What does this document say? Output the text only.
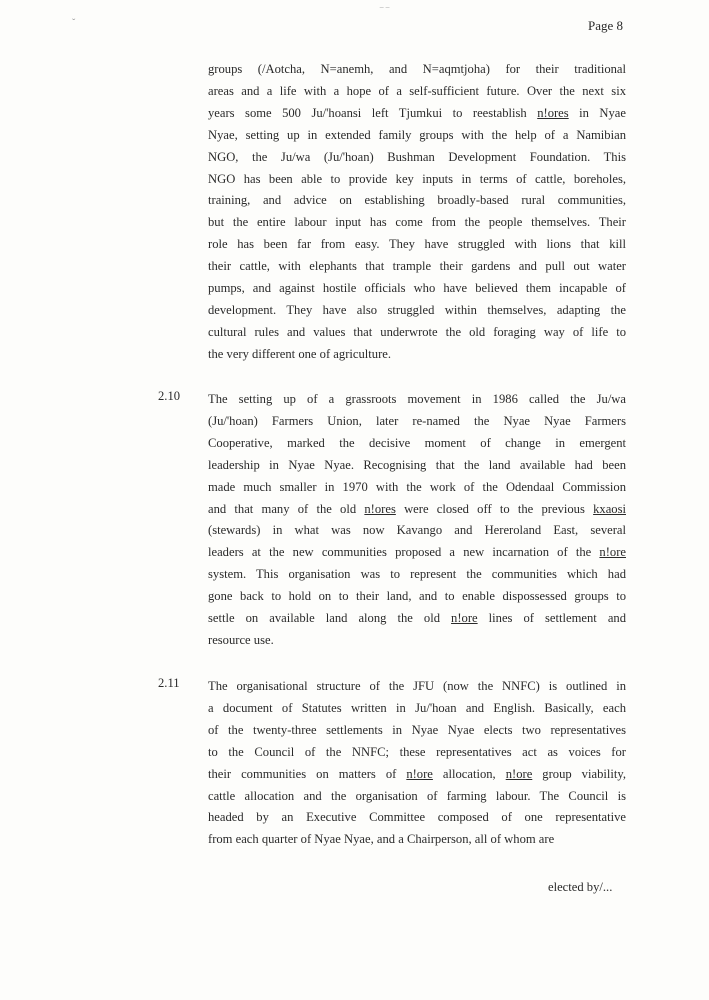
Page 8
ˇ
‾ ‾
groups (/Aotcha, N=anemh, and N=aqmtjoha) for their traditional
areas and a life with a hope of a self-sufficient future. Over the next six
years some 500 Ju/'hoansi left Tjumkui to reestablish n!ores in Nyae
Nyae, setting up in extended family groups with the help of a Namibian
NGO, the Ju/wa (Ju/'hoan) Bushman Development Foundation. This
NGO has been able to provide key inputs in terms of cattle, boreholes,
training, and advice on establishing broadly-based rural communities,
but the entire labour input has come from the people themselves. Their
role has been far from easy. They have struggled with lions that kill
their cattle, with elephants that trample their gardens and pull out water
pumps, and against hostile officials who have believed them incapable of
development. They have also struggled within themselves, adapting the
cultural rules and values that underwrote the old foraging way of life to
the very different one of agriculture.
2.10 The setting up of a grassroots movement in 1986 called the Ju/wa
(Ju/'hoan) Farmers Union, later re-named the Nyae Nyae Farmers
Cooperative, marked the decisive moment of change in emergent
leadership in Nyae Nyae. Recognising that the land available had been
made much smaller in 1970 with the work of the Odendaal Commission
and that many of the old n!ores were closed off to the previous kxaosi
(stewards) in what was now Kavango and Hereroland East, several
leaders at the new communities proposed a new incarnation of the n!ore
system. This organisation was to represent the communities which had
gone back to hold on to their land, and to enable dispossessed groups to
settle on available land along the old n!ore lines of settlement and
resource use.
2.11 The organisational structure of the JFU (now the NNFC) is outlined in
a document of Statutes written in Ju/'hoan and English. Basically, each
of the twenty-three settlements in Nyae Nyae elects two representatives
to the Council of the NNFC; these representatives act as voices for
their communities on matters of n!ore allocation, n!ore group viability,
cattle allocation and the organisation of farming labour. The Council is
headed by an Executive Committee composed of one representative
from each quarter of Nyae Nyae, and a Chairperson, all of whom are
elected by/...
